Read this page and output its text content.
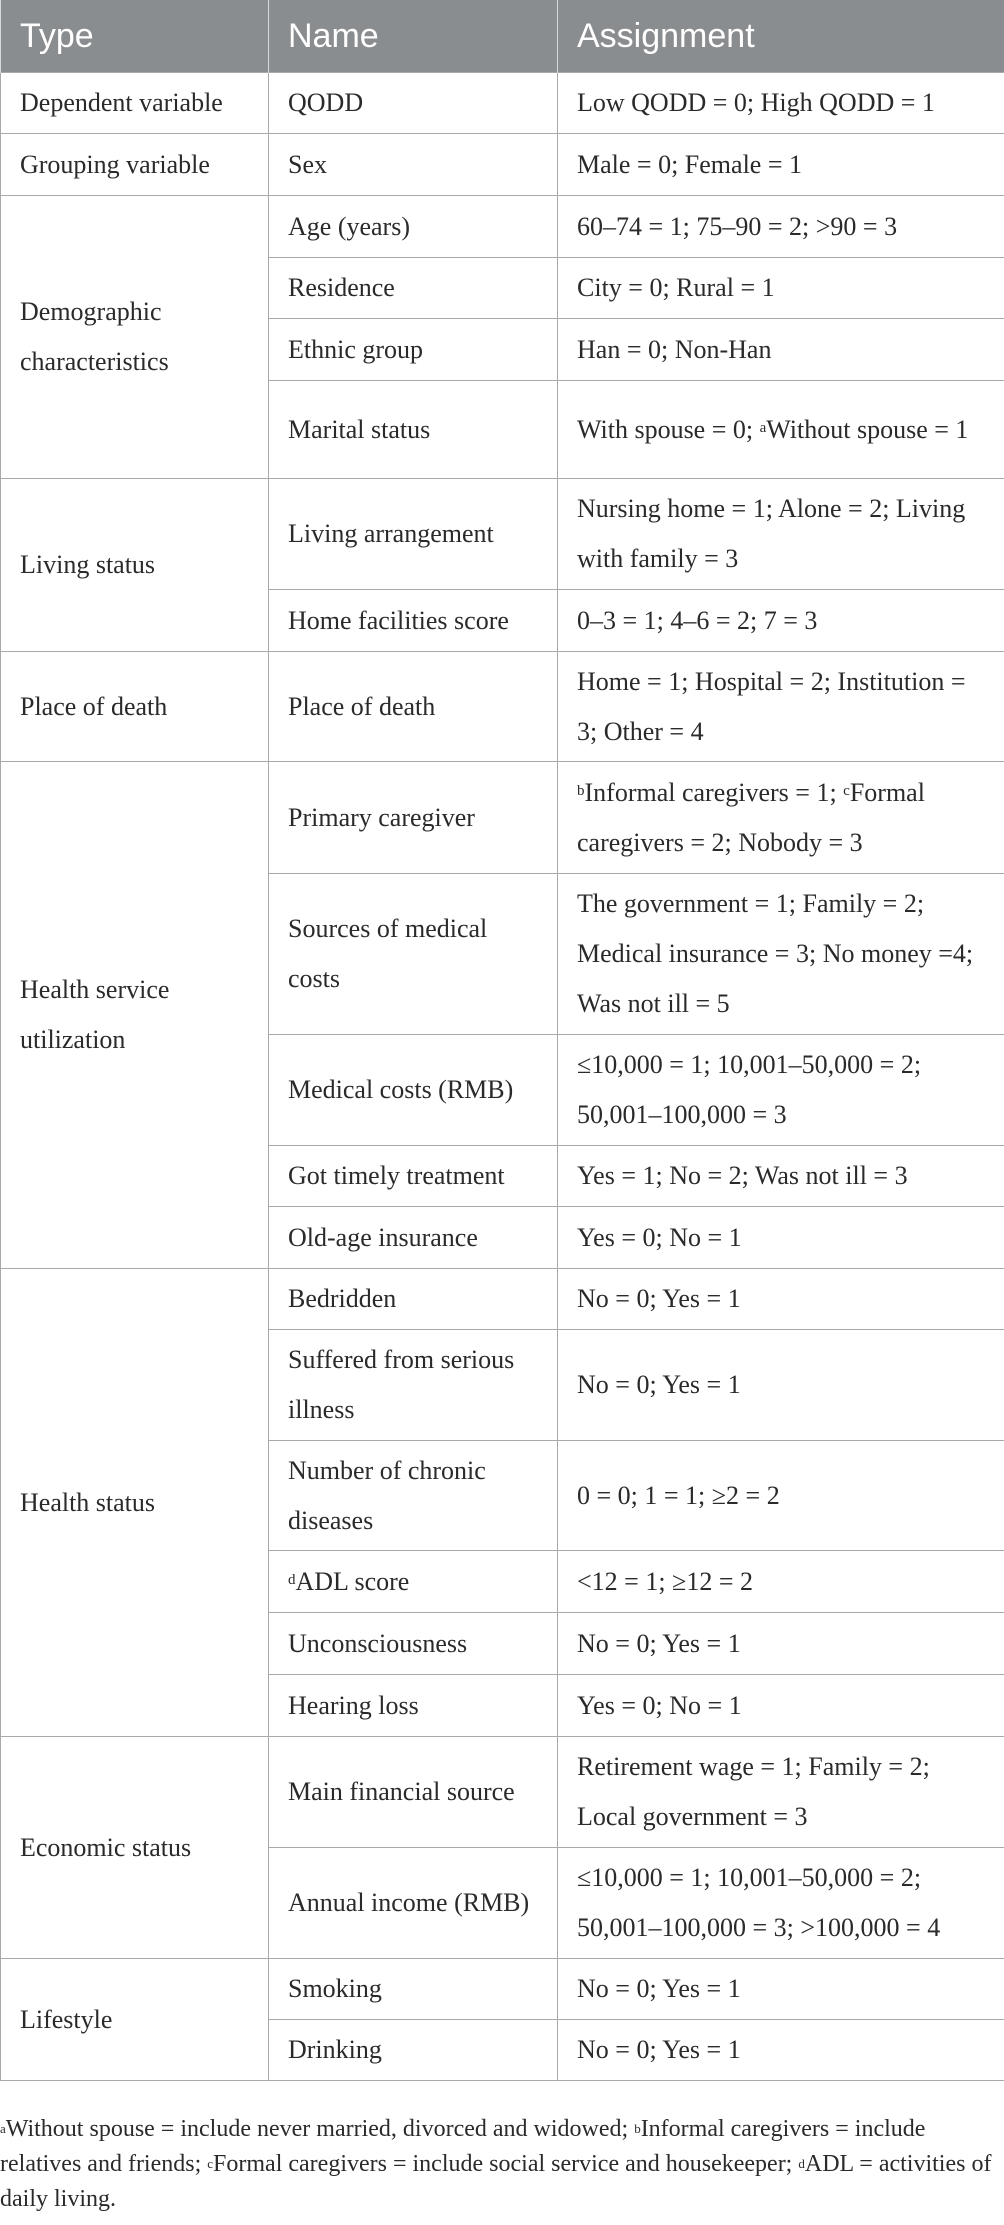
Type	Name	Assignment
Dependent variable	QODD	Low QODD = 0; High QODD = 1
Grouping variable	Sex	Male = 0; Female = 1
Demographic characteristics	Age (years)	60–74 = 1; 75–90 = 2; >90 = 3
	Residence	City = 0; Rural = 1
	Ethnic group	Han = 0; Non-Han
	Marital status	With spouse = 0; $^a$Without spouse = 1
Living status	Living arrangement	Nursing home = 1; Alone = 2; Living with family = 3
	Home facilities score	0–3 = 1; 4–6 = 2; 7 = 3
Place of death	Place of death	Home = 1; Hospital = 2; Institution = 3; Other = 4
Health service utilization	Primary caregiver	$^b$Informal caregivers = 1; $^c$Formal caregivers = 2; Nobody = 3
	Sources of medical costs	The government = 1; Family = 2; Medical insurance = 3; No money =4; Was not ill = 5
	Medical costs (RMB)	≤10,000 = 1; 10,001–50,000 = 2; 50,001–100,000 = 3
	Got timely treatment	Yes = 1; No = 2; Was not ill = 3
	Old-age insurance	Yes = 0; No = 1
Health status	Bedridden	No = 0; Yes = 1
	Suffered from serious illness	No = 0; Yes = 1
	Number of chronic diseases	0 = 0; 1 = 1; ≥2 = 2
	$^d$ADL score	<12 = 1; ≥12 = 2
	Unconsciousness	No = 0; Yes = 1
	Hearing loss	Yes = 0; No = 1
Economic status	Main financial source	Retirement wage = 1; Family = 2; Local government = 3
	Annual income (RMB)	≤10,000 = 1; 10,001–50,000 = 2; 50,001–100,000 = 3; >100,000 = 4
Lifestyle	Smoking	No = 0; Yes = 1
	Drinking	No = 0; Yes = 1
$^a$Without spouse = include never married, divorced and widowed; $^b$Informal caregivers = include relatives and friends; $^c$Formal caregivers = include social service and housekeeper; $^d$ADL = activities of daily living.
